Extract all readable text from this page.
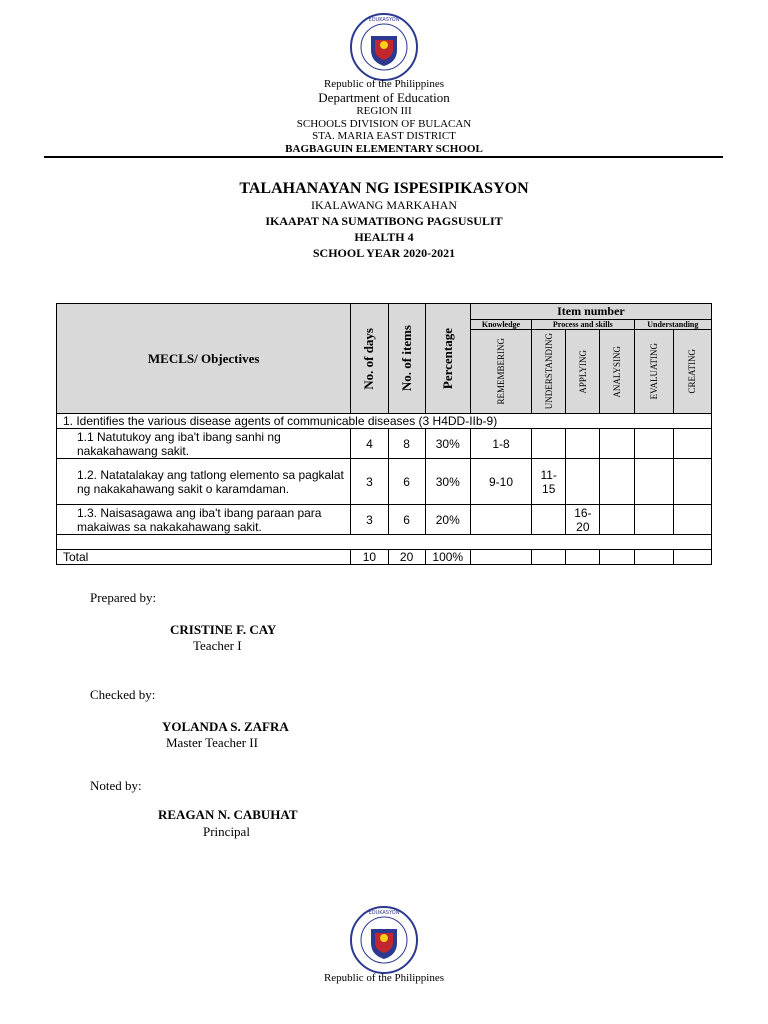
EDUKASYON
Republic of the Philippines
Department of Education
REGION III
SCHOOLS DIVISION OF BULACAN
STA. MARIA EAST DISTRICT
BAGBAGUIN ELEMENTARY SCHOOL
TALAHANAYAN NG ISPESIPIKASYON
IKALAWANG MARKAHAN
IKAAPAT NA SUMATIBONG PAGSUSULIT
HEALTH 4
SCHOOL YEAR 2020-2021
MECLS/ Objectives	No. of days	No. of items	Percentage	Item number					
				Knowledge	Process and skills			Understanding	

				REMEMBERING	UNDERSTANDING	APPLYING	ANALYSING	EVALUATING	CREATING

1. Identifies the various disease agents of communicable diseases (3 H4DD-IIb-9)									
1.1 Natutukoy ang iba't ibang sanhi ng nakakahawang sakit.	4	8	30%	1-8					
1.2. Natatalakay ang tatlong elemento sa pagkalat ng nakakahawang sakit o karamdaman.	3	6	30%	9-10	11-15				
1.3. Naisasagawa ang iba't ibang paraan para makaiwas sa nakakahawang sakit.	3	6	20%			16-20			

Total	10	20	100%						
Prepared by:
CRISTINE F. CAY
Teacher I
Checked by:
YOLANDA S. ZAFRA
Master Teacher II
Noted by:
REAGAN N. CABUHAT
Principal
EDUKASYON
Republic of the Philippines
